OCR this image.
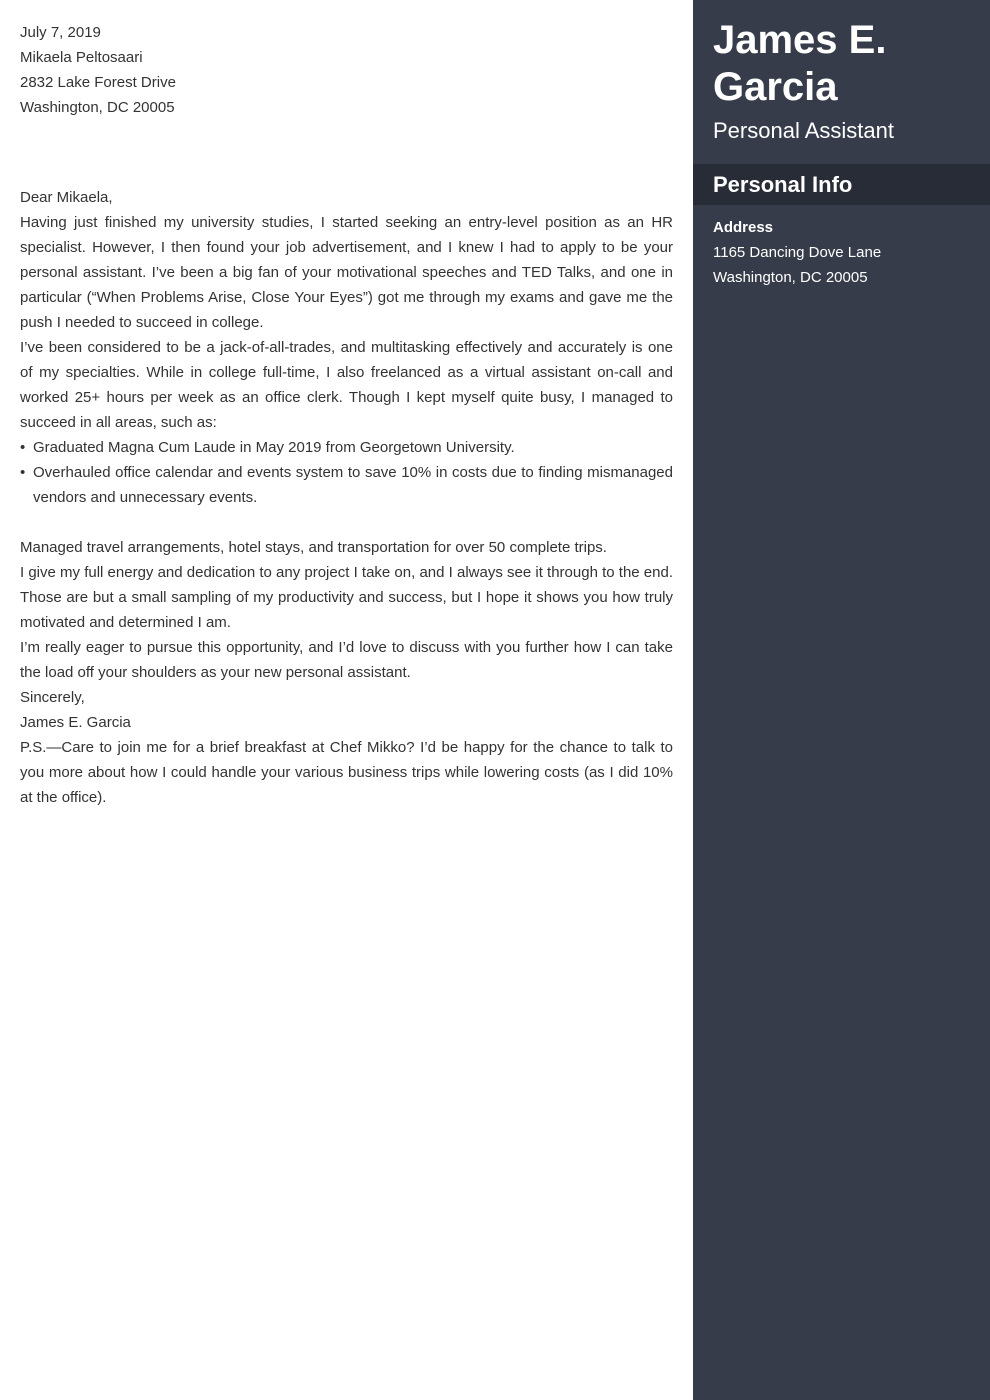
July 7, 2019

Mikaela Peltosaari

2832 Lake Forest Drive

Washington, DC 20005

Dear Mikaela,

Having just finished my university studies, I started seeking an entry-level position as an HR specialist. However, I then found your job advertisement, and I knew I had to apply to be your personal assistant. I’ve been a big fan of your motivational speeches and TED Talks, and one in particular (“When Problems Arise, Close Your Eyes”) got me through my exams and gave me the push I needed to succeed in college.

I’ve been considered to be a jack-of-all-trades, and multitasking effectively and accurately is one of my specialties. While in college full-time, I also freelanced as a virtual assistant on-call and worked 25+ hours per week as an office clerk. Though I kept myself quite busy, I managed to succeed in all areas, such as:

• Graduated Magna Cum Laude in May 2019 from Georgetown University.
• Overhauled office calendar and events system to save 10% in costs due to finding mismanaged vendors and unnecessary events.

Managed travel arrangements, hotel stays, and transportation for over 50 complete trips.

I give my full energy and dedication to any project I take on, and I always see it through to the end. Those are but a small sampling of my productivity and success, but I hope it shows you how truly motivated and determined I am.

I’m really eager to pursue this opportunity, and I’d love to discuss with you further how I can take the load off your shoulders as your new personal assistant.

Sincerely,

James E. Garcia

P.S.—Care to join me for a brief breakfast at Chef Mikko? I’d be happy for the chance to talk to you more about how I could handle your various business trips while lowering costs (as I did 10% at the office).

James E.
Garcia
Personal Assistant
Personal Info
Address
1165 Dancing Dove Lane
Washington, DC 20005
